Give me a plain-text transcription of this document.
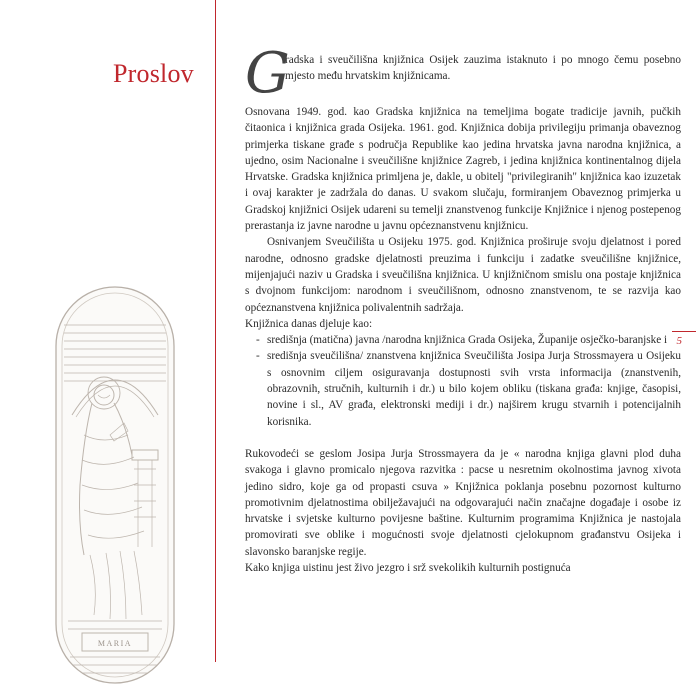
Proslov
5
MARIA
G

radska i sveučilišna knjižnica Osijek zauzima istaknuto i po mnogo čemu posebno mjesto među hrvatskim knjižnicama.

Osnovana 1949. god. kao Gradska knjižnica na temeljima bogate tradicije javnih, pučkih čitaonica i knjižnica grada Osijeka. 1961. god. Knjižnica dobija privilegiju primanja obaveznog primjerka tiskane građe s područja Republike kao jedina hrvatska javna narodna knjižnica, a ujedno, osim Nacionalne i sveučilišne knjižnice Zagreb, i jedina knjižnica kontinentalnog dijela Hrvatske. Gradska knjižnica primljena je, dakle, u obitelj "privilegiranih" knjižnica kao izuzetak i ovaj karakter je zadržala do danas. U svakom slučaju, formiranjem Obaveznog primjerka u Gradskoj knjižnici Osijek udareni su temelji znanstvenog funkcije Knjižnice i njenog postepenog prerastanja iz javne narodne u javnu općeznanstvenu knjižnicu.

Osnivanjem Sveučilišta u Osijeku 1975. god. Knjižnica proširuje svoju djelatnost i pored narodne, odnosno gradske djelatnosti preuzima i funkciju i zadatke sveučilišne knjižnice, mijenjajući naziv u Gradska i sveučilišna knjižnica. U knjižničnom smislu ona postaje knjižnica s dvojnom funkcijom: narodnom i sveučilišnom, odnosno znanstvenom, te se razvija kao općeznanstvena knjižnica polivalentnih sadržaja.

Knjižnica danas djeluje kao:

- središnja (matična) javna /narodna knjižnica Grada Osijeka, Županije osječko-baranjske i
- središnja sveučilišna/ znanstvena knjižnica Sveučilišta Josipa Jurja Strossmayera u Osijeku s osnovnim ciljem osiguravanja dostupnosti svih vrsta informacija (znanstvenih, obrazovnih, stručnih, kulturnih i dr.) u bilo kojem obliku (tiskana građa: knjige, časopisi, novine i sl., AV građa, elektronski mediji i dr.) najširem krugu stvarnih i potencijalnih korisnika.

Rukovodeći se geslom Josipa Jurja Strossmayera da je « narodna knjiga glavni plod duha svakoga i glavno promicalo njegova razvitka : pacse u nesretnim okolnostima javnog xivota jedino sidro, koje ga od propasti csuva » Knjižnica poklanja posebnu pozornost kulturno promotivnim djelatnostima obilježavajući na odgovarajući način značajne događaje i osobe iz hrvatske i svjetske kulturno povijesne baštine. Kulturnim programima Knjižnica je nastojala promovirati sve oblike i mogućnosti svoje djelatnosti cjelokupnom građanstvu Osijeka i slavonsko baranjske regije.

Kako knjiga uistinu jest živo jezgro i srž svekolikih kulturnih postignuća
